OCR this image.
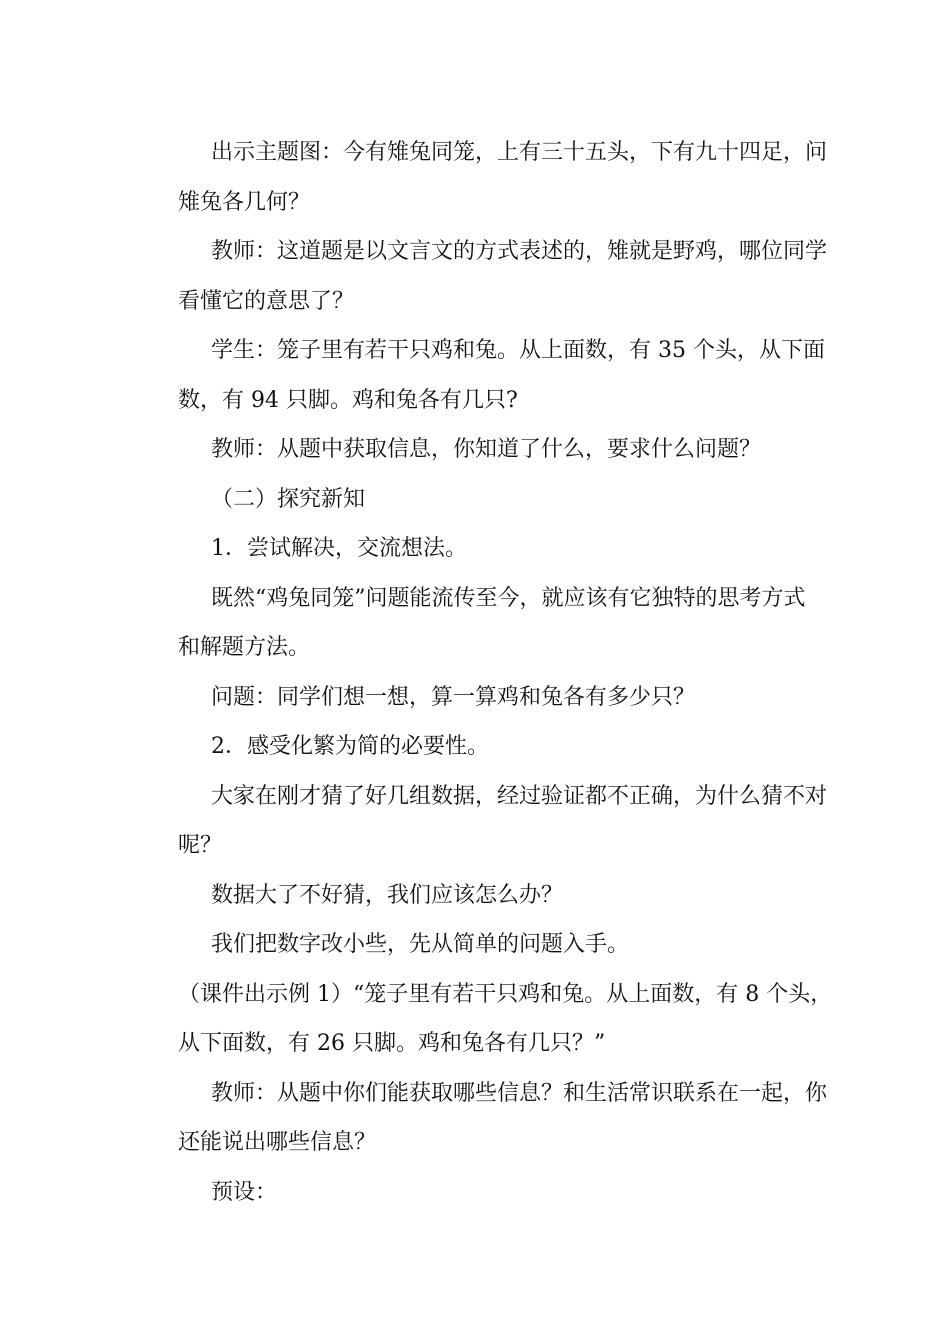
出示主题图：今有雉兔同笼，上有三十五头，下有九十四足，问
雉兔各几何？
教师：这道题是以文言文的方式表述的，雉就是野鸡，哪位同学
看懂它的意思了？
学生：笼子里有若干只鸡和兔。从上面数，有 35 个头，从下面
数，有 94 只脚。鸡和兔各有几只?
教师：从题中获取信息，你知道了什么，要求什么问题？
（二）探究新知
1．尝试解决，交流想法。
既然“鸡兔同笼”问题能流传至今，就应该有它独特的思考方式
和解题方法。
问题：同学们想一想，算一算鸡和兔各有多少只？
2．感受化繁为简的必要性。
大家在刚才猜了好几组数据，经过验证都不正确，为什么猜不对
呢？
数据大了不好猜，我们应该怎么办？
我们把数字改小些，先从简单的问题入手。
（课件出示例 1）“笼子里有若干只鸡和兔。从上面数，有 8 个头，
从下面数，有 26 只脚。鸡和兔各有几只？”
教师：从题中你们能获取哪些信息？和生活常识联系在一起，你
还能说出哪些信息？
预设：
